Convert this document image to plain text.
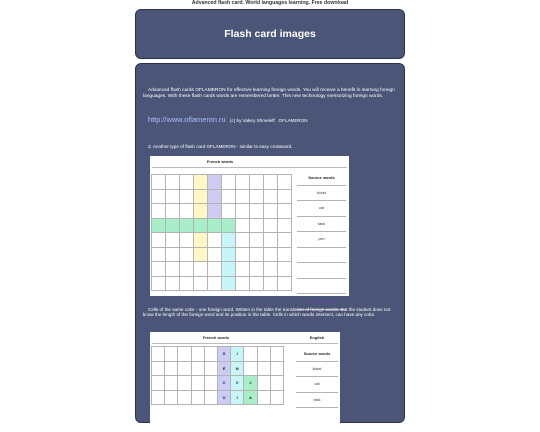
Advanced flash card. World languages learning. Free download
Flash card images
Advanced flash cards OFLAMERON for effective learning foreign words. You will receive a benefit in learning foreign languages. With these flash cards words are remembered better. This new technology memorizing foreign words.
http://www.oflameron.ru (c) by Valery Shmeleff OFLAMERON
3. Another type of flash card OFLAMERON - similar to easy crossword.
French words

Source words
ticket
cat
task
pen

OFLAMERON
Cells of the same color - one foreign word. Written in the table the translation of foreign words. But the student does not know the length of the foreign word and its position in the table. Cells in which words intersect, can have any color.
French words	English
					S	I			
					É	N			
					C	V	J		
					U	I	A		
Source words
ticket
cat
task
